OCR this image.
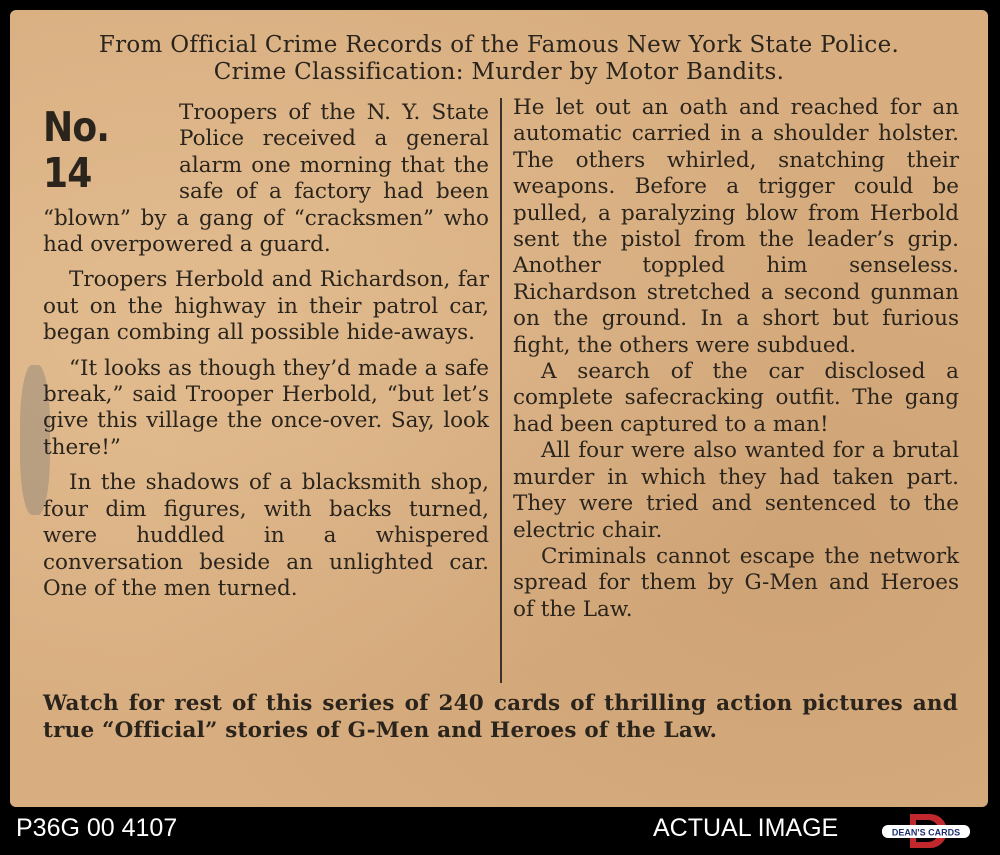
From Official Crime Records of the Famous New York State Police.
Crime Classification: Murder by Motor Bandits.

No. 14
Troopers of the N. Y. State Police received a general alarm one morning that the safe of a factory had been “blown” by a gang of “cracksmen” who had overpowered a guard.

Troopers Herbold and Richardson, far out on the highway in their patrol car, began combing all possible hide-aways.

“It looks as though they’d made a safe break,” said Trooper Herbold, “but let’s give this village the once-over. Say, look there!”

In the shadows of a blacksmith shop, four dim figures, with backs turned, were huddled in a whispered conversation beside an unlighted car. One of the men turned.

He let out an oath and reached for an automatic carried in a shoulder holster. The others whirled, snatching their weapons. Before a trigger could be pulled, a paralyzing blow from Herbold sent the pistol from the leader’s grip. Another toppled him senseless. Richardson stretched a second gunman on the ground. In a short but furious fight, the others were subdued.

A search of the car disclosed a complete safecracking outfit. The gang had been captured to a man!

All four were also wanted for a brutal murder in which they had taken part. They were tried and sentenced to the electric chair.

Criminals cannot escape the network spread for them by G-Men and Heroes of the Law.

Watch for rest of this series of 240 cards of thrilling action pictures and true “Official” stories of G-Men and Heroes of the Law.
P36G 00 4107	ACTUAL IMAGE	DEAN'S CARDS
